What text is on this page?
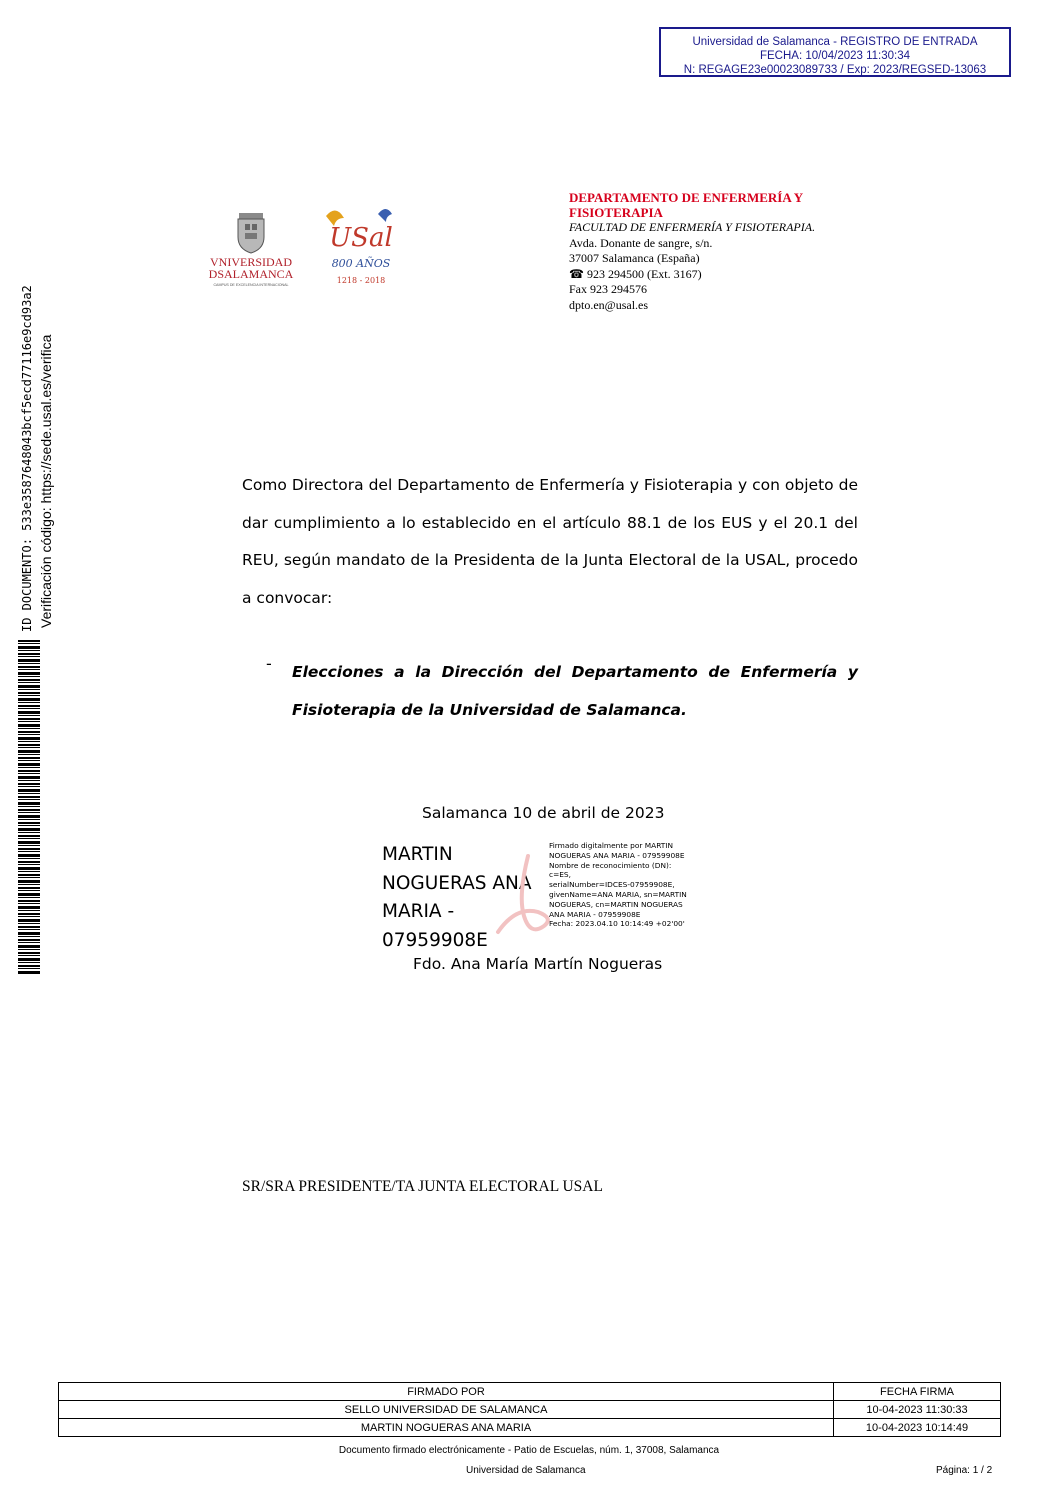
Universidad de Salamanca - REGISTRO DE ENTRADA
FECHA: 10/04/2023 11:30:34
N: REGAGE23e00023089733 / Exp: 2023/REGSED-13063
ID DOCUMENTO: 533e3587648043bcf5ecd77116e9cd93a2 Verificación código: https://sede.usal.es/verifica
VNIVERSIDAD
DSALAMANCA
CAMPUS DE EXCELENCIA INTERNACIONAL
USal
800 AÑOS
1218 - 2018
DEPARTAMENTO DE ENFERMERÍA Y
FISIOTERAPIA
FACULTAD DE ENFERMERÍA Y FISIOTERAPIA.
Avda. Donante de sangre, s/n.
37007 Salamanca (España)
☎ 923 294500 (Ext. 3167)
Fax 923 294576
dpto.en@usal.es
Como Directora del Departamento de Enfermería y Fisioterapia y con objeto de dar cumplimiento a lo establecido en el artículo 88.1 de los EUS y el 20.1 del REU, según mandato de la Presidenta de la Junta Electoral de la USAL, procedo a convocar:
- Elecciones a la Dirección del Departamento de Enfermería y Fisioterapia de la Universidad de Salamanca.
Salamanca 10 de abril de 2023
MARTIN
NOGUERAS ANA
MARIA -
07959908E
Firmado digitalmente por MARTIN
NOGUERAS ANA MARIA - 07959908E
Nombre de reconocimiento (DN):
c=ES,
serialNumber=IDCES-07959908E,
givenName=ANA MARIA, sn=MARTIN
NOGUERAS, cn=MARTIN NOGUERAS
ANA MARIA - 07959908E
Fecha: 2023.04.10 10:14:49 +02'00'
Fdo. Ana María Martín Nogueras
SR/SRA PRESIDENTE/TA JUNTA ELECTORAL USAL
FIRMADO POR	FECHA FIRMA
SELLO UNIVERSIDAD DE SALAMANCA	10-04-2023 11:30:33
MARTIN NOGUERAS ANA MARIA	10-04-2023 10:14:49
Documento firmado electrónicamente - Patio de Escuelas, núm. 1, 37008, Salamanca
Universidad de Salamanca	Página: 1 / 2
